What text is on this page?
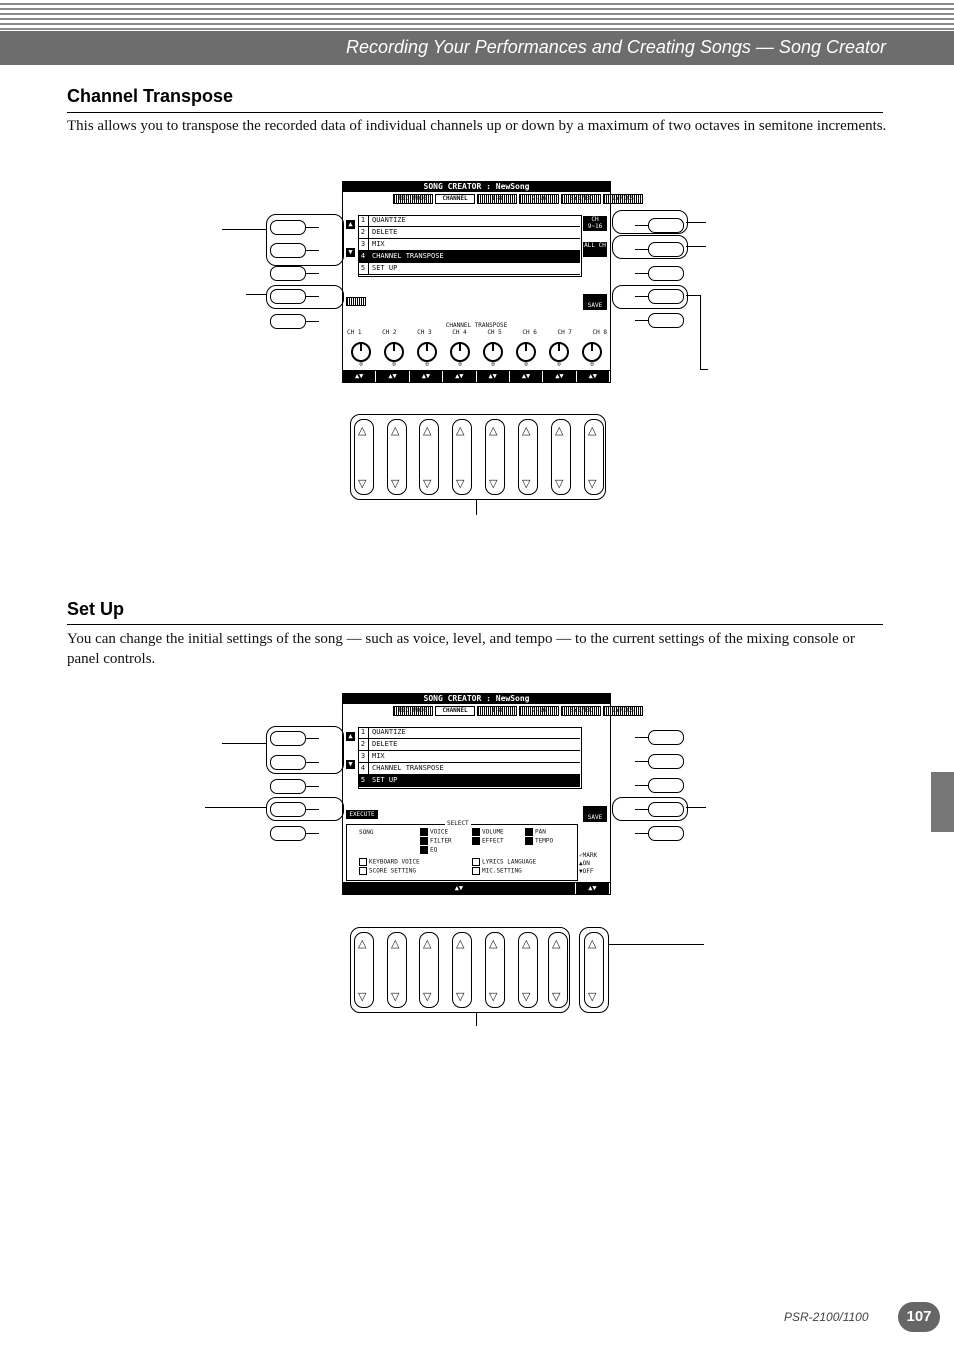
Recording Your Performances and Creating Songs — Song Creator
Channel Transpose
This allows you to transpose the recorded data of individual channels up or down by a maximum of two octaves in semitone increments.
SONG CREATOR : NewSong
REC MODE	CHANNEL	1-8	9-16	SYS/EX	LYRICS
▲
▼
1 QUANTIZE
2 DELETE
3 MIX
4 CHANNEL TRANSPOSE
5 SET UP
CH 9~16
ALL CH
SAVE
CHANNEL TRANSPOSE
CH 1	CH 2	CH 3	CH 4	CH 5	CH 6	CH 7	CH 8
0	0	0	0	0	0	0	0
▲▼	▲▼	▲▼	▲▼	▲▼	▲▼	▲▼	▲▼
△ ▽
△ ▽
△ ▽
△ ▽
△ ▽
△ ▽
△ ▽
△ ▽
Set Up
You can change the initial settings of the song — such as voice, level, and tempo — to the current settings of the mixing console or panel controls.
SONG CREATOR : NewSong
REC MODE	CHANNEL	1-8	9-16	SYS/EX	LYRICS
▲
▼
1 QUANTIZE
2 DELETE
3 MIX
4 CHANNEL TRANSPOSE
5 SET UP
EXECUTE	SAVE
SELECT
SONG	VOICE	VOLUME	PAN
FILTER	EFFECT	TEMPO
EQ
KEYBOARD VOICE	LYRICS LANGUAGE
SCORE SETTING	MIC.SETTING
✓MARK
▲ON
▼OFF
▲▼	▲▼
△ ▽
△ ▽
△ ▽
△ ▽
△ ▽
△ ▽
△ ▽
△ ▽
PSR-2100/1100	107
